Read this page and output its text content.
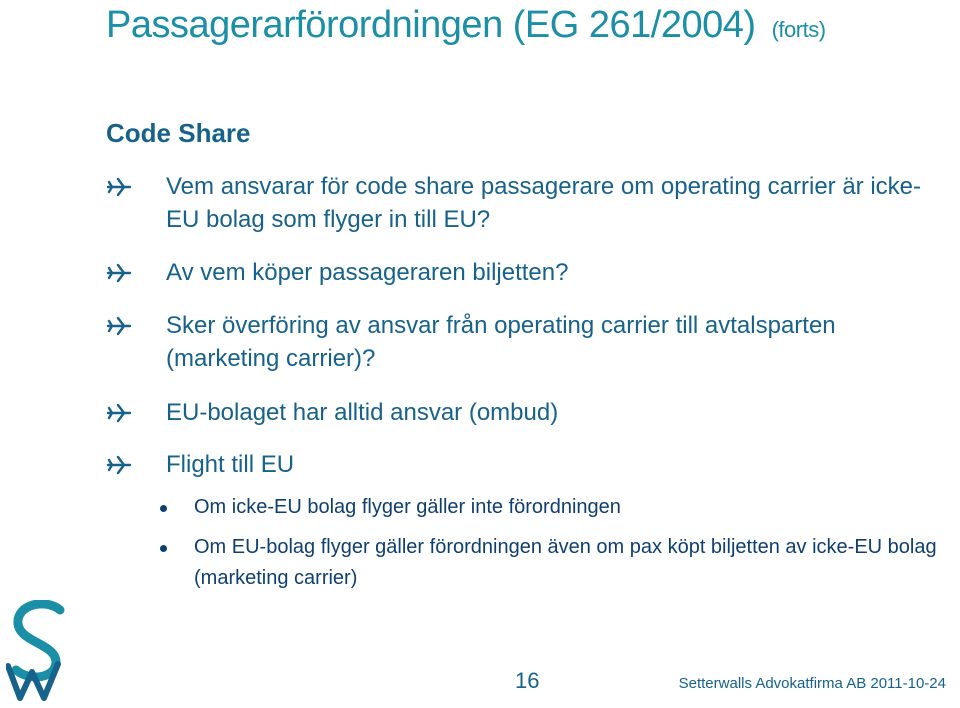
Passagerarförordningen (EG 261/2004) (forts)
Code Share
Vem ansvarar för code share passagerare om operating carrier är icke-EU bolag som flyger in till EU?
Av vem köper passageraren biljetten?
Sker överföring av ansvar från operating carrier till avtalsparten (marketing carrier)?
EU-bolaget har alltid ansvar (ombud)
Flight till EU
Om icke-EU bolag flyger gäller inte förordningen
Om EU-bolag flyger gäller förordningen även om pax köpt biljetten av icke-EU bolag (marketing carrier)
16	Setterwalls Advokatfirma AB 2011-10-24
